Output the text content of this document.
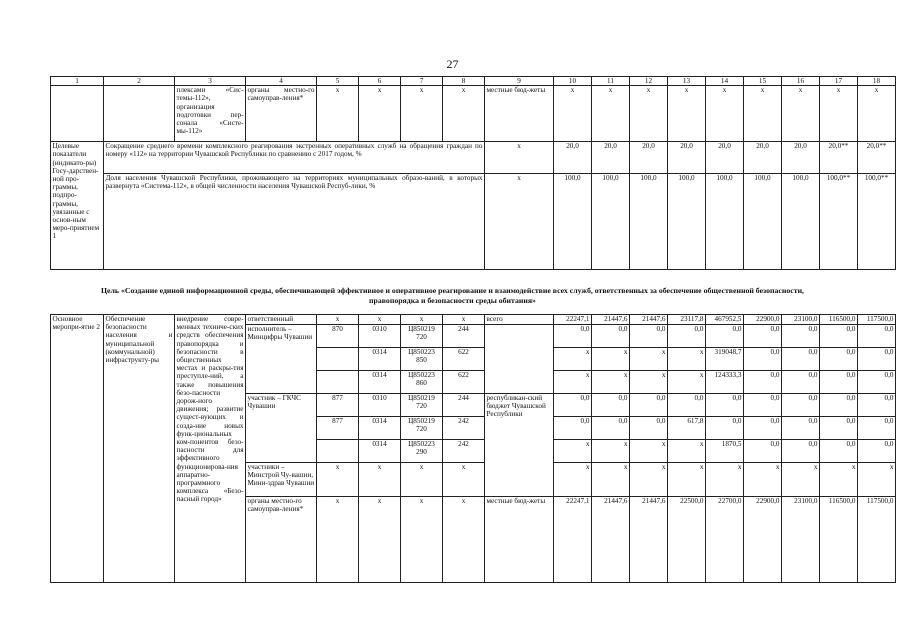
27
1	2	3	4	5	6	7	8	9	10	11	12	13	14	15	16	17	18
		плексами «Сис-темы-112», организация подготовки пер-сонала «Систе-мы-112»	органы местно-го самоуправ-ления*	x	x	x	x	местные бюд-жеты	x	x	x	x	x	x	x	x	x
Целевые показатели (индикато-ры) Госу-дарствен-ной про-граммы, подпро-граммы, увязанные с основ-ным меро-приятием 1	Сокращение среднего времени комплексного реагирования экстренных оперативных служб на обращения граждан по номеру «112» на территории Чувашской Республики по сравнению с 2017 годом, %							x	20,0	20,0	20,0	20,0	20,0	20,0	20,0	20,0**	20,0**
	Доля населения Чувашской Республики, проживающего на территориях муниципальных образо-ваний, в которых развернута «Система-112», в общей численности населения Чувашской Респуб-лики, %							x	100,0	100,0	100,0	100,0	100,0	100,0	100,0	100,0**	100,0**
Цель «Создание единой информационной среды, обеспечивающей эффективное и оперативное реагирование и взаимодействие всех служб, ответственных за обеспечение общественной безопасности, правопорядка и безопасности среды обитания»
Основное меропри-ятие 2	Обеспечение безопасности населения и муниципальной (коммунальной) инфраструкту-ры	внедрение совре-менных техниче-ских средств обеспечения правопорядка и безопасности в общественных местах и раскры-тия преступле-ний, а также повышения безо-пасности дорож-ного движения; развитие сущест-вующих и созда-ние новых функ-циональных ком-понентов безо-пасности для эффективного функционирова-ния аппаратно-программного комплекса «Безо-пасный город»	ответственный	x	x	x	x	всего	22247,1	21447,6	21447,6	23117,8	467952,5	22900,0	23100,0	116500,0	117500,0
			исполнитель – Минцифры Чувашии	870	0310	Ц850219 720	244		0,0	0,0	0,0	0,0	0,0	0,0	0,0	0,0	0,0
					0314	Ц850223 850	622		x	x	x	x	319048,7	0,0	0,0	0,0	0,0
					0314	Ц850223 860	622		x	x	x	x	124333,3	0,0	0,0	0,0	0,0
			участник – ГКЧС Чувашии	877	0310	Ц850219 720	244	республикан-ский бюджет Чувашской Республики	0,0	0,0	0,0	0,0	0,0	0,0	0,0	0,0	0,0
				877	0314	Ц850219 720	242		0,0	0,0	0,0	617,8	0,0	0,0	0,0	0,0	0,0
					0314	Ц850223 290	242		x	x	x	x	1870,5	0,0	0,0	0,0	0,0
			участники – Минстрой Чу-вашии, Мини-здрав Чувашии	x	x	x	x		x	x	x	x	x	x	x	x	x
			органы местно-го самоуправ-ления*	x	x	x	x	местные бюд-жеты	22247,1	21447,6	21447,6	22500,0	22700,0	22900,0	23100,0	116500,0	117500,0
